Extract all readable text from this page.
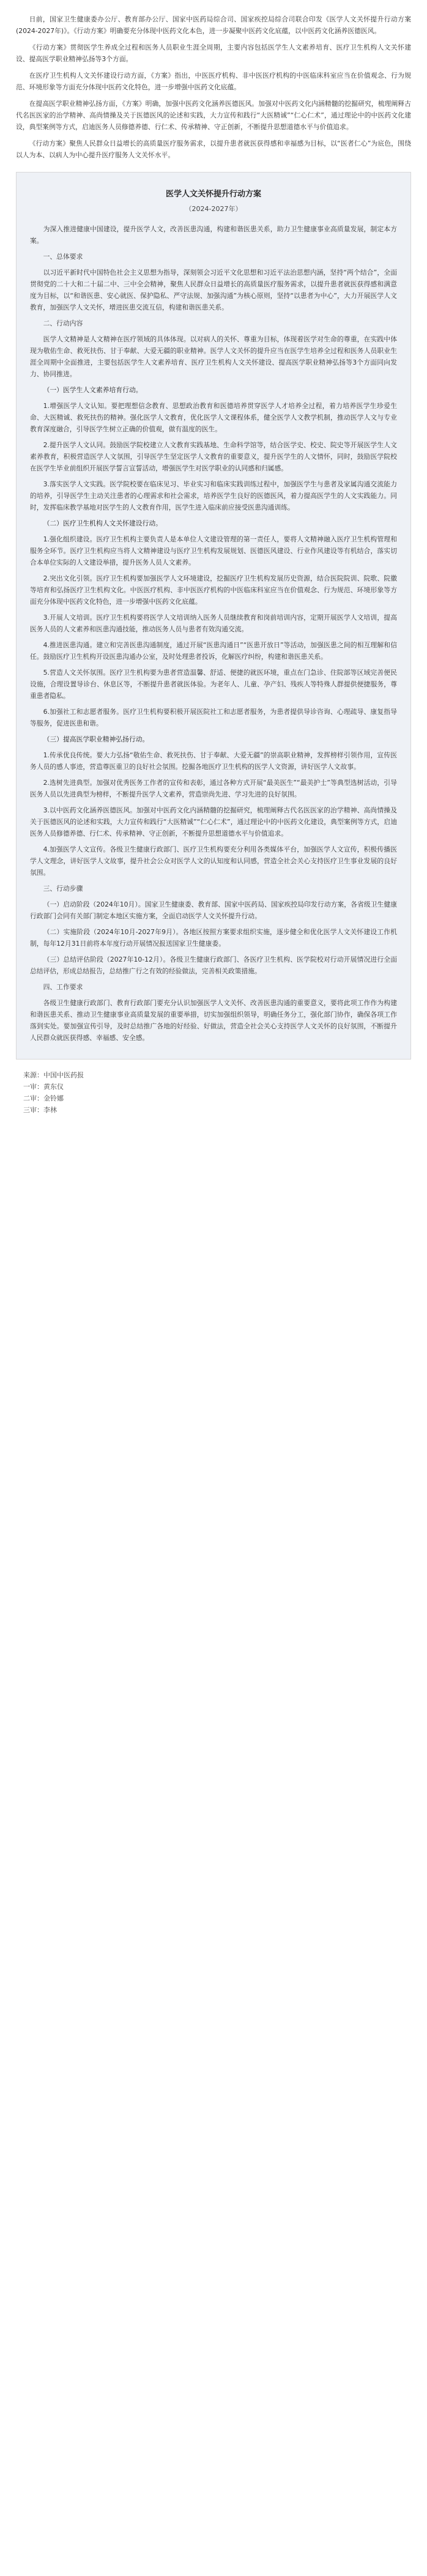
日前，国家卫生健康委办公厅、教育部办公厅、国家中医药局综合司、国家疾控局综合司联合印发《医学人文关怀提升行动方案(2024-2027年)》。《行动方案》明确要充分体现中医药文化本色，进一步凝聚中医药文化底蕴，以中医药文化涵养医德医风。

《行动方案》贯彻医学生养成全过程和医务人员职业生涯全周期，主要内容包括医学生人文素养培育、医疗卫生机构人文关怀建设、提高医学职业精神弘扬等3个方面。

在医疗卫生机构人文关怀建设行动方面，《方案》指出，中医医疗机构、非中医医疗机构的中医临床科室应当在价值观念、行为规范、环境形象等方面充分体现中医药文化特色，进一步增强中医药文化底蕴。

在提高医学职业精神弘扬方面，《方案》明确，加强中医药文化涵养医德医风。加强对中医药文化内涵精髓的挖掘研究，梳理阐释古代名医医家的治学精神、高尚情操及关于医德医风的论述和实践，大力宣传和践行“大医精诚”“仁心仁术”，通过理论中的中医药文化建设，典型案例等方式，启迪医务人员修德养德、行仁术、传承精神、守正创新，不断提升思想道德水平与价值追求。

《行动方案》聚焦人民群众日益增长的高质量医疗服务需求，以提升患者就医获得感和幸福感为目标，以“医者仁心”为底色，围绕以人为本、以病人为中心提升医疗服务人文关怀水平。

医学人文关怀提升行动方案
（2024-2027年）

为深入推进健康中国建设，提升医学人文，改善医患沟通，构建和谐医患关系，助力卫生健康事业高质量发展，制定本方案。

一、总体要求

以习近平新时代中国特色社会主义思想为指导，深刻领会习近平文化思想和习近平法治思想内涵，坚持“两个结合”，全面贯彻党的二十大和二十届二中、三中全会精神，聚焦人民群众日益增长的高质量医疗服务需求，以提升患者就医获得感和满意度为目标，以“和谐医患、安心就医、保护隐私、严守法规、加强沟通”为核心原则，坚持“以患者为中心”，大力开展医学人文教育，加强医学人文关怀，增进医患交流互信，构建和谐医患关系。

二、行动内容

医学人文精神是人文精神在医疗领域的具体体现。以对病人的关怀、尊重为目标，体现着医学对生命的尊重，在实践中体现为敬佑生命、救死扶伤、甘于奉献、大爱无疆的职业精神。医学人文关怀的提升应当在医学生培养全过程和医务人员职业生涯全周期中全面推进，主要包括医学生人文素养培育、医疗卫生机构人文关怀建设、提高医学职业精神弘扬等3个方面同向发力、协同推进。

（一）医学生人文素养培育行动。

1.增强医学人文认知。要把理想信念教育、思想政治教育和医德培养贯穿医学人才培养全过程，着力培养医学生珍爱生命、大医精诚、救死扶伤的精神。强化医学人文教育，优化医学人文课程体系，健全医学人文教学机制，推动医学人文与专业教育深度融合，引导医学生树立正确的价值观，做有温度的医生。

2.提升医学人文认同。鼓励医学院校建立人文教育实践基地、生命科学馆等，结合医学史、校史、院史等开展医学生人文素养教育，积极营造医学人文氛围，引导医学生坚定医学人文教育的重要意义，提升医学生的人文情怀，同时，鼓励医学院校在医学生毕业前组织开展医学誓言宣誓活动，增强医学生对医学职业的认同感和归属感。

3.落实医学人文实践。医学院校要在临床见习、毕业实习和临床实践训练过程中，加强医学生与患者及家属沟通交流能力的培养，引导医学生主动关注患者的心理需求和社会需求，培养医学生良好的医德医风，着力提高医学生的人文实践能力。同时，发挥临床教学基地对医学生的人文教育作用，医学生进入临床前应接受医患沟通训练。

（二）医疗卫生机构人文关怀建设行动。

1.强化组织建设。医疗卫生机构主要负责人是本单位人文建设管理的第一责任人，要将人文精神融入医疗卫生机构管理和服务全环节。医疗卫生机构应当将人文精神建设与医疗卫生机构发展规划、医德医风建设、行业作风建设等有机结合，落实切合本单位实际的人文建设举措，提升医务人员人文素养。

2.突出文化引领。医疗卫生机构要加强医学人文环境建设，挖掘医疗卫生机构发展历史资源，结合医院院训、院歌、院徽等培育和弘扬医疗卫生机构文化。中医医疗机构、非中医医疗机构的中医临床科室应当在价值观念、行为规范、环境形象等方面充分体现中医药文化特色，进一步增强中医药文化底蕴。

3.开展人文培训。医疗卫生机构要将医学人文培训纳入医务人员继续教育和岗前培训内容，定期开展医学人文培训，提高医务人员的人文素养和医患沟通技能，推动医务人员与患者有效沟通交流。

4.推进医患沟通。建立和完善医患沟通制度，通过开展“医患沟通日”“医患开放日”等活动，加强医患之间的相互理解和信任。鼓励医疗卫生机构开设医患沟通办公室，及时处理患者投诉，化解医疗纠纷，构建和谐医患关系。

5.营造人文关怀氛围。医疗卫生机构要为患者营造温馨、舒适、便捷的就医环境，重点在门急诊、住院部等区域完善便民设施，合理设置导诊台、休息区等，不断提升患者就医体验。为老年人、儿童、孕产妇、残疾人等特殊人群提供便捷服务，尊重患者隐私。

6.加强社工和志愿者服务。医疗卫生机构要积极开展医院社工和志愿者服务，为患者提供导诊咨询、心理疏导、康复指导等服务，促进医患和谐。

（三）提高医学职业精神弘扬行动。

1.传承优良传统。要大力弘扬“敬佑生命、救死扶伤、甘于奉献、大爱无疆”的崇高职业精神，发挥榜样引领作用，宣传医务人员的感人事迹，营造尊医重卫的良好社会氛围。挖掘各地医疗卫生机构的医学人文资源，讲好医学人文故事。

2.选树先进典型。加强对优秀医务工作者的宣传和表彰，通过各种方式开展“最美医生”“最美护士”等典型选树活动，引导医务人员以先进典型为榜样，不断提升医学人文素养，营造崇尚先进、学习先进的良好氛围。

3.以中医药文化涵养医德医风。加强对中医药文化内涵精髓的挖掘研究，梳理阐释古代名医医家的治学精神、高尚情操及关于医德医风的论述和实践，大力宣传和践行“大医精诚”“仁心仁术”，通过理论中的中医药文化建设，典型案例等方式，启迪医务人员修德养德、行仁术、传承精神、守正创新，不断提升思想道德水平与价值追求。

4.加强医学人文宣传。各级卫生健康行政部门、医疗卫生机构要充分利用各类媒体平台，加强医学人文宣传，积极传播医学人文理念，讲好医学人文故事，提升社会公众对医学人文的认知度和认同感，营造全社会关心支持医疗卫生事业发展的良好氛围。

三、行动步骤

（一）启动阶段（2024年10月）。国家卫生健康委、教育部、国家中医药局、国家疾控局印发行动方案，各省级卫生健康行政部门会同有关部门制定本地区实施方案，全面启动医学人文关怀提升行动。

（二）实施阶段（2024年10月-2027年9月）。各地区按照方案要求组织实施，逐步健全和优化医学人文关怀建设工作机制，每年12月31日前将本年度行动开展情况报送国家卫生健康委。

（三）总结评估阶段（2027年10-12月）。各级卫生健康行政部门、各医疗卫生机构、医学院校对行动开展情况进行全面总结评估，形成总结报告，总结推广行之有效的经验做法，完善相关政策措施。

四、工作要求

各级卫生健康行政部门、教育行政部门要充分认识加强医学人文关怀、改善医患沟通的重要意义，要将此项工作作为构建和谐医患关系、推动卫生健康事业高质量发展的重要举措，切实加强组织领导，明确任务分工，强化部门协作，确保各项工作落到实处。要加强宣传引导，及时总结推广各地的好经验、好做法，营造全社会关心支持医学人文关怀的良好氛围，不断提升人民群众就医获得感、幸福感、安全感。

来源：中国中医药报
一审：黄东仪
二审：金铃娜
三审：李林
